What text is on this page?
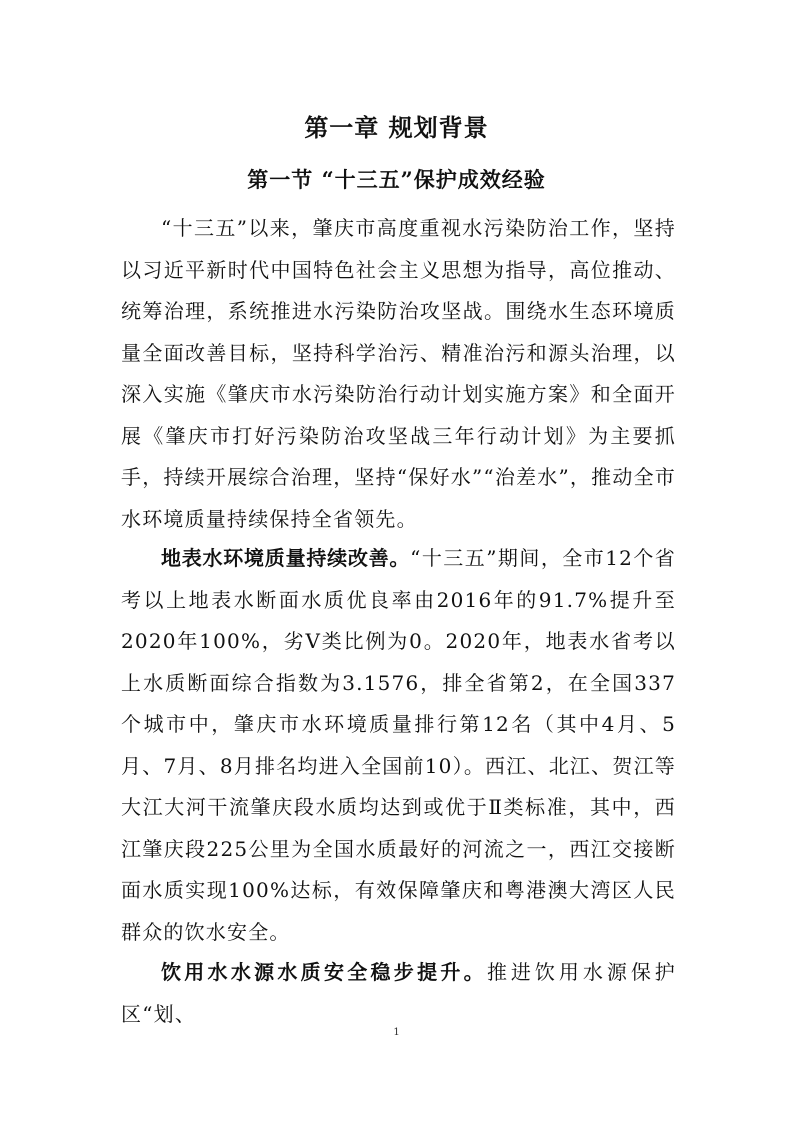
第一章 规划背景
第一节 “十三五”保护成效经验

“十三五”以来，肇庆市高度重视水污染防治工作，坚持以习近平新时代中国特色社会主义思想为指导，高位推动、统筹治理，系统推进水污染防治攻坚战。围绕水生态环境质量全面改善目标，坚持科学治污、精准治污和源头治理，以深入实施《肇庆市水污染防治行动计划实施方案》和全面开展《肇庆市打好污染防治攻坚战三年行动计划》为主要抓手，持续开展综合治理，坚持“保好水”“治差水”，推动全市水环境质量持续保持全省领先。

地表水环境质量持续改善。“十三五”期间，全市12个省考以上地表水断面水质优良率由2016年的91.7%提升至2020年100%，劣Ⅴ类比例为0。2020年，地表水省考以上水质断面综合指数为3.1576，排全省第2，在全国337个城市中，肇庆市水环境质量排行第12名（其中4月、5月、7月、8月排名均进入全国前10）。西江、北江、贺江等大江大河干流肇庆段水质均达到或优于Ⅱ类标准，其中，西江肇庆段225公里为全国水质最好的河流之一，西江交接断面水质实现100%达标，有效保障肇庆和粤港澳大湾区人民群众的饮水安全。

饮用水水源水质安全稳步提升。推进饮用水源保护区“划、

1
